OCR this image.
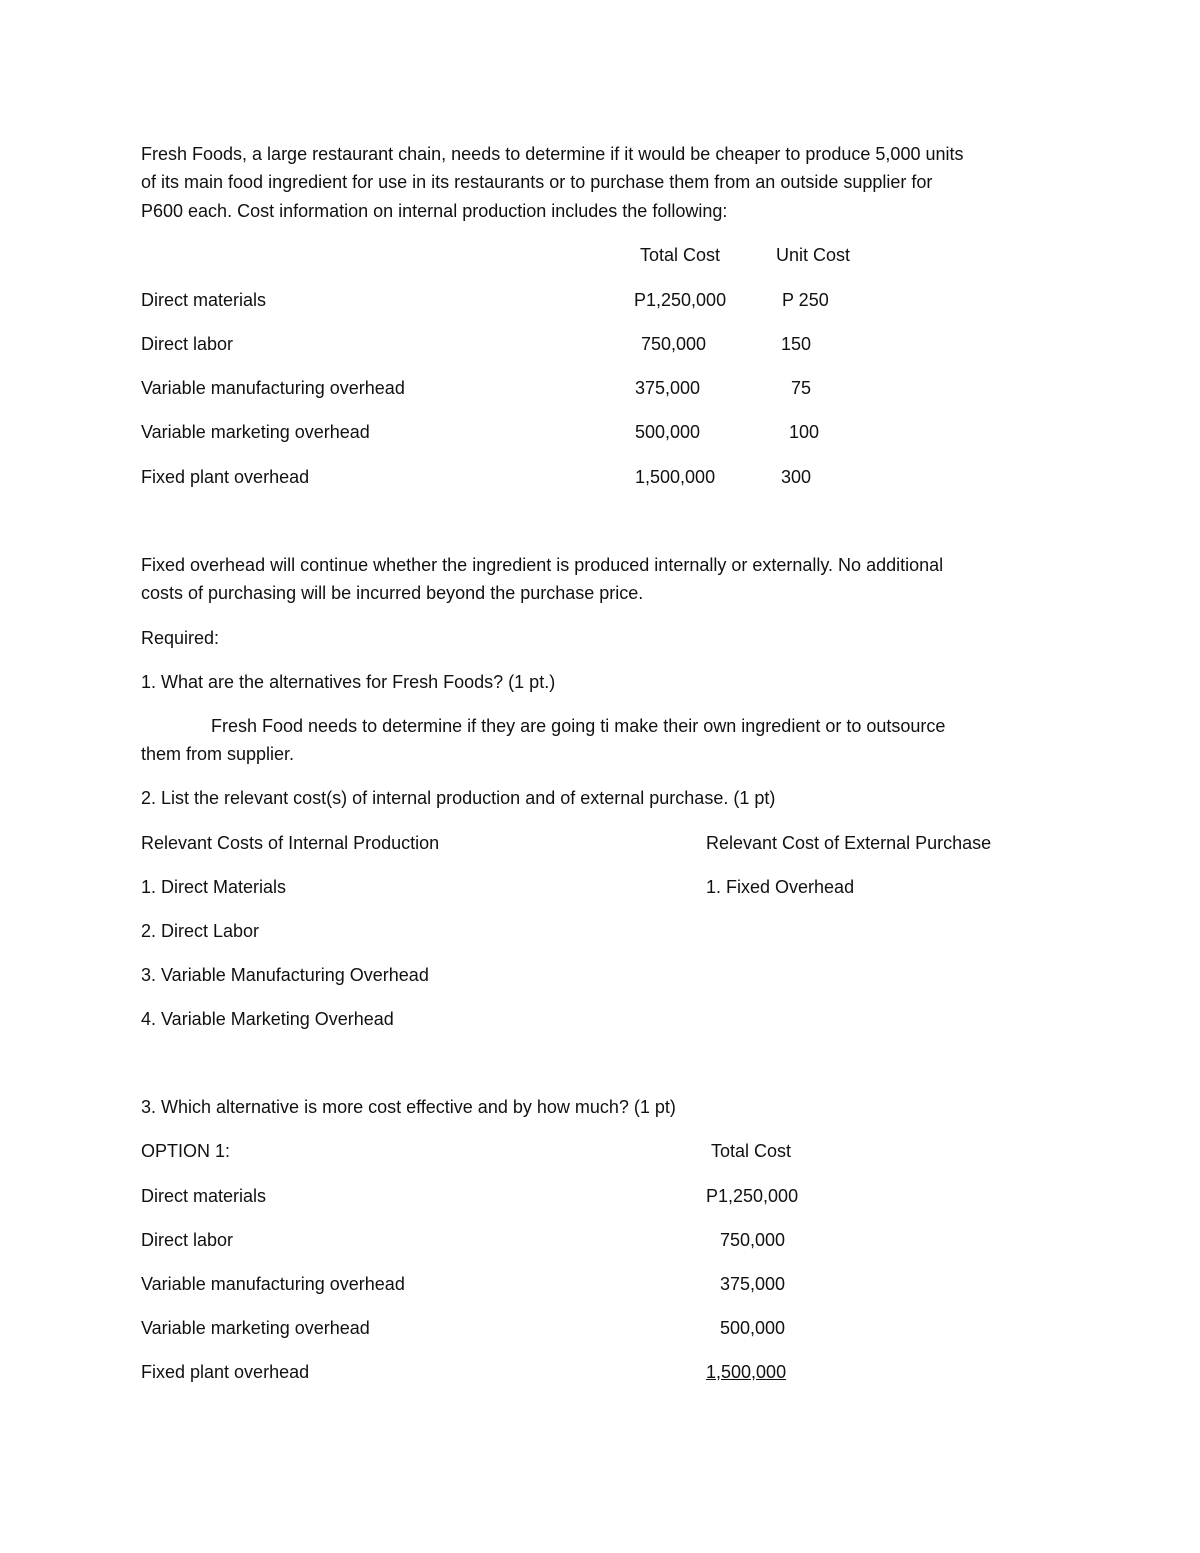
Fresh Foods, a large restaurant chain, needs to determine if it would be cheaper to produce 5,000 units
of its main food ingredient for use in its restaurants or to purchase them from an outside supplier for
P600 each. Cost information on internal production includes the following:
Total Cost	Unit Cost
Direct materials	P1,250,000	P 250
Direct labor	750,000	150
Variable manufacturing overhead	375,000	75
Variable marketing overhead	500,000	100
Fixed plant overhead	1,500,000	300
Fixed overhead will continue whether the ingredient is produced internally or externally. No additional
costs of purchasing will be incurred beyond the purchase price.
Required:
1. What are the alternatives for Fresh Foods? (1 pt.)
Fresh Food needs to determine if they are going ti make their own ingredient or to outsource
them from supplier.
2. List the relevant cost(s) of internal production and of external purchase. (1 pt)
Relevant Costs of Internal Production	Relevant Cost of External Purchase
1. Direct Materials	1. Fixed Overhead
2. Direct Labor
3. Variable Manufacturing Overhead
4. Variable Marketing Overhead
3. Which alternative is more cost effective and by how much? (1 pt)
OPTION 1:	Total Cost
Direct materials	P1,250,000
Direct labor	750,000
Variable manufacturing overhead	375,000
Variable marketing overhead	500,000
Fixed plant overhead	1,500,000
